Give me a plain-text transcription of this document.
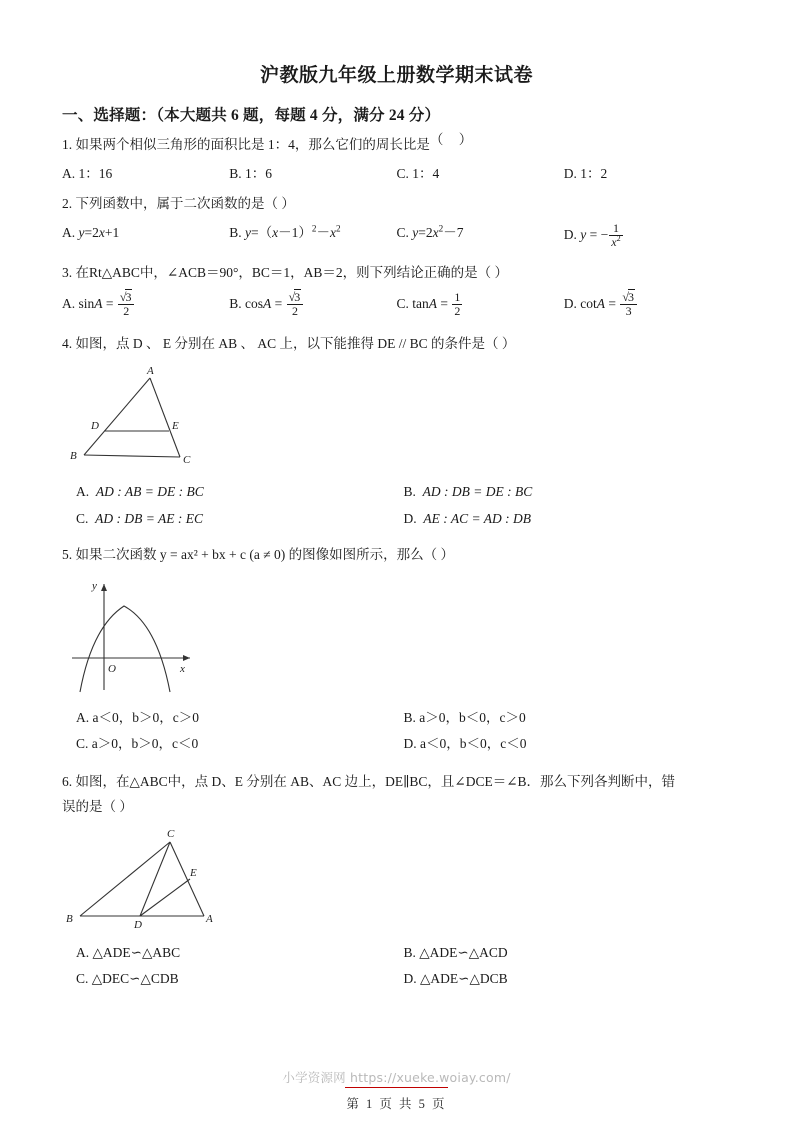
沪教版九年级上册数学期末试卷
一、选择题：（本大题共 6 题，每题 4 分，满分 24 分）
1. 如果两个相似三角形的面积比是 1：4，那么它们的周长比是（ ）
A. 1：16	B. 1：6	C. 1：4	D. 1：2
2. 下列函数中，属于二次函数的是（ ）
A. y=2x+1	B. $y=(x-1)^2-x^2$	C. $y=2x^2-7$	D. y = − $\frac{1}{x^2}$
3. 在Rt△ABC中，∠ACB＝90°，BC＝1，AB＝2，则下列结论正确的是（ ）
A. $\sin A = \frac{√3}{2}$	B. $\cos A = \frac{√3}{2}$	C. $\tan A = \frac{1}{2}$	D. $\cot A = \frac{√3}{3}$
4. 如图，点 D 、 E 分别在 AB 、 AC 上，以下能推得 DE // BC 的条件是（ ）
A
D	E
B	C
A.  AD : AB = DE : BC	B.  AD : DB = DE : BC
C.  AD : DB = AE : EC	D.  AE : AC = AD : DB
5. 如果二次函数 y = ax² + bx + c (a ≠ 0) 的图像如图所示，那么（ ）
y
x
O
A. a＜0，b＞0，c＞0	B. a＞0，b＜0，c＞0
C. a＞0，b＞0，c＜0	D. a＜0，b＜0，c＜0
6. 如图，在△ABC中，点 D、E 分别在 AB、AC 边上，DE∥BC，且∠DCE＝∠B．那么下列各判断中，错
误的是（ ）
C
E
B	D	A
A. △ADE∽△ABC	B. △ADE∽△ACD
C. △DEC∽△CDB	D. △ADE∽△DCB
小学资源网 https://xueke.woiay.com/
第 1 页 共 5 页
